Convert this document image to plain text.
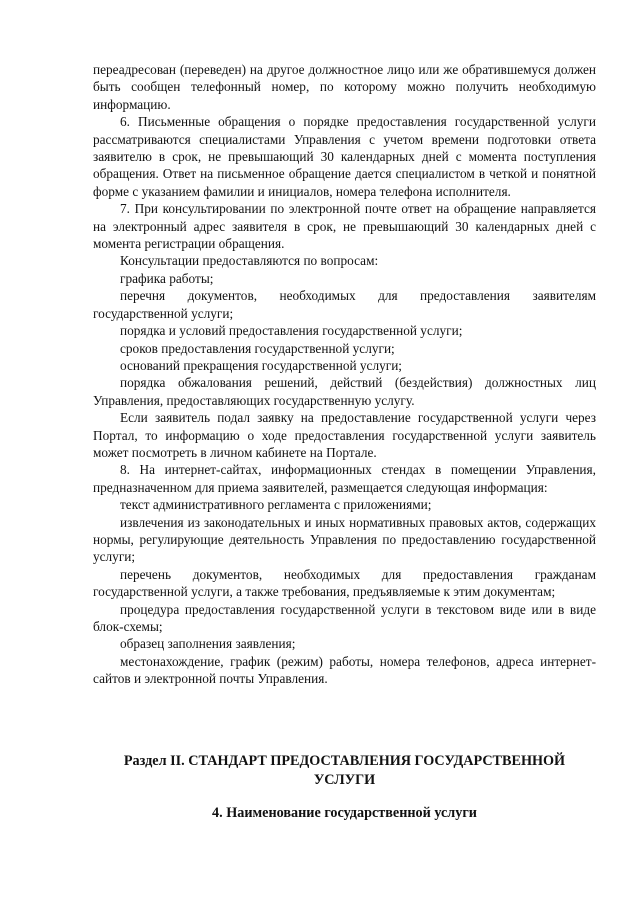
переадресован (переведен) на другое должностное лицо или же обратившемуся должен быть сообщен телефонный номер, по которому можно получить необходимую информацию.

6. Письменные обращения о порядке предоставления государственной услуги рассматриваются специалистами Управления с учетом времени подготовки ответа заявителю в срок, не превышающий 30 календарных дней с момента поступления обращения. Ответ на письменное обращение дается специалистом в четкой и понятной форме с указанием фамилии и инициалов, номера телефона исполнителя.

7. При консультировании по электронной почте ответ на обращение направляется на электронный адрес заявителя в срок, не превышающий 30 календарных дней с момента регистрации обращения.

Консультации предоставляются по вопросам:

графика работы;

перечня документов, необходимых для предоставления заявителям государственной услуги;

порядка и условий предоставления государственной услуги;

сроков предоставления государственной услуги;

оснований прекращения государственной услуги;

порядка обжалования решений, действий (бездействия) должностных лиц Управления, предоставляющих государственную услугу.

Если заявитель подал заявку на предоставление государственной услуги через Портал, то информацию о ходе предоставления государственной услуги заявитель может посмотреть в личном кабинете на Портале.

8. На интернет-сайтах, информационных стендах в помещении Управления, предназначенном для приема заявителей, размещается следующая информация:

текст административного регламента с приложениями;

извлечения из законодательных и иных нормативных правовых актов, содержащих нормы, регулирующие деятельность Управления по предоставлению государственной услуги;

перечень документов, необходимых для предоставления гражданам государственной услуги, а также требования, предъявляемые к этим документам;

процедура предоставления государственной услуги в текстовом виде или в виде блок-схемы;

образец заполнения заявления;

местонахождение, график (режим) работы, номера телефонов, адреса интернет-сайтов и электронной почты Управления.

Раздел II. СТАНДАРТ ПРЕДОСТАВЛЕНИЯ ГОСУДАРСТВЕННОЙ УСЛУГИ
4. Наименование государственной услуги
